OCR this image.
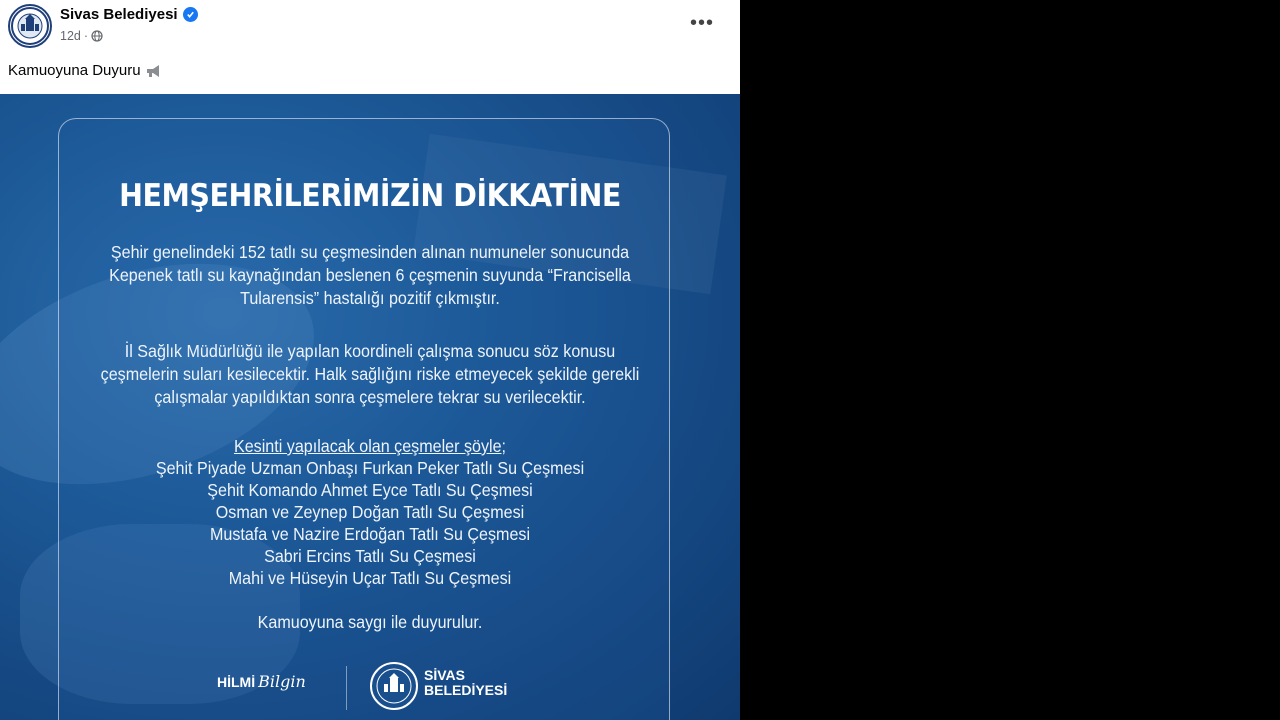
Sivas Belediyesi
12d ·
•••
Kamuoyuna Duyuru
HEMŞEHRİLERİMİZİN DİKKATİNE

Şehir genelindeki 152 tatlı su çeşmesinden alınan numuneler sonucunda

Kepenek tatlı su kaynağından beslenen 6 çeşmenin suyunda “Francisella

Tularensis” hastalığı pozitif çıkmıştır.

İl Sağlık Müdürlüğü ile yapılan koordineli çalışma sonucu söz konusu

çeşmelerin suları kesilecektir. Halk sağlığını riske etmeyecek şekilde gerekli

çalışmalar yapıldıktan sonra çeşmelere tekrar su verilecektir.

Kesinti yapılacak olan çeşmeler şöyle;

Şehit Piyade Uzman Onbaşı Furkan Peker Tatlı Su Çeşmesi

Şehit Komando Ahmet Eyce Tatlı Su Çeşmesi

Osman ve Zeynep Doğan Tatlı Su Çeşmesi

Mustafa ve Nazire Erdoğan Tatlı Su Çeşmesi

Sabri Ercins Tatlı Su Çeşmesi

Mahi ve Hüseyin Uçar Tatlı Su Çeşmesi

Kamuoyuna saygı ile duyurulur.

HİLMİ Bilgin	SİVAS
BELEDİYESİ
